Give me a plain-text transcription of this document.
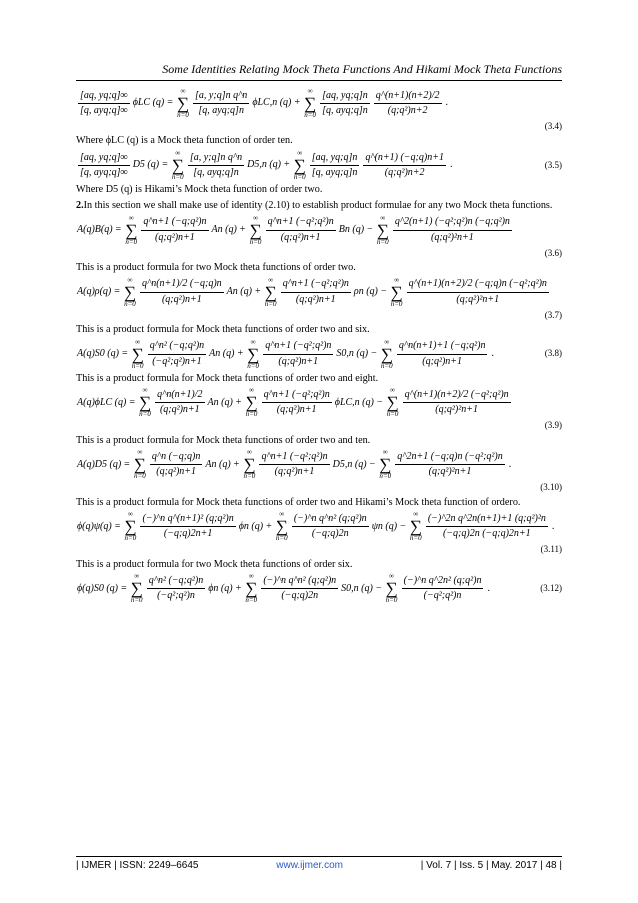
Some Identities Relating Mock Theta Functions And Hikami Mock Theta Functions
$\frac{[aq, yq;q]\infty}{\text{[q, ayq;q]∞}}$ ϕLC (q) =
∞
∑
$n=0 \frac{\text{[a, y;q]n q\textasciicircum{}n}}{\text{[q, ayq;q]n}} \phi LC,n$ (q) +
∞
∑
$n=0 \frac{[aq, yq;q]n}{\text{[q, ayq;q]n}} \frac{q\^{}(n+1)(n+2)/2}{\text{(q;q²)n+2}}$ .
(3.4)
Where ϕLC (q) is a Mock theta function of order ten.
$\frac{[aq, yq;q]\infty}{\text{[q, ayq;q]∞}} D5$ (q) =
∞
∑
$n=0 \frac{\text{[a, y;q]n q\textasciicircum{}n}}{\text{[q, ayq;q]n}} D5,n$ (q) +
∞
∑
$n=0 \frac{[aq, yq;q]n}{\text{[q, ayq;q]n}} \frac{q\^{}(n+1) (-q;q)n+1}{\text{(q;q²)n+2}}$ .	(3.5)
Where D5 (q) is Hikami’s Mock theta function of order two.
2.In this section we shall make use of identity (2.10) to establish product formulae for any two Mock theta functions.
A(q)B(q) =
∞
∑
$n=0 \frac{\text{q\textasciicircum{}n+1 (−q;q²)n}}{\text{(q;q²)n+1}}$ An (q) +
∞
∑
$n=0 \frac{\text{q\textasciicircum{}n+1 (−q²;q²)n}}{\text{(q;q²)n+1}}$ Bn (q) −
∞
∑
$n=0 \frac{\text{q\textasciicircum{}2(n+1) (−q²;q²)n (−q;q²)n}}{\text{(q;q²)²n+1}}$
(3.6)
This is a product formula for two Mock theta functions of order two.
A(q)ρ(q) =
∞
∑
$n=0 \frac{q\^{}n(n+1)/2 (-q;q)n}{\text{(q;q²)n+1}}$ An (q) +
∞
∑
$n=0 \frac{\text{q\textasciicircum{}n+1 (−q²;q²)n}}{\text{(q;q²)n+1}}$ ρn (q) −
∞
∑
$n=0 \frac{\text{q\textasciicircum{}(n+1)(n+2)/2 (−q;q)n (−q²;q²)n}}{\text{(q;q²)²n+1}}$
(3.7)
This is a product formula for Mock theta functions of order two and six.
A(q)S0 (q) =
∞
∑
$n=0 \frac{\text{q\textasciicircum{}n² (−q;q²)n}}{\text{(−q²;q²)n+1}}$ An (q) +
∞
∑
$n=0 \frac{\text{q\textasciicircum{}n+1 (−q²;q²)n}}{\text{(q;q²)n+1}} S0,n$ (q) −
∞
∑
$n=0 \frac{\text{q\textasciicircum{}n(n+1)+1 (−q;q²)n}}{\text{(q;q²)n+1}}$ .	(3.8)
This is a product formula for Mock theta functions of order two and eight.
A(q)ϕLC (q) =
∞
∑
$n=0 \frac{q\^{}n(n+1)/2}{\text{(q;q²)n+1}}$ An (q) +
∞
∑
$n=0 \frac{\text{q\textasciicircum{}n+1 (−q²;q²)n}}{\text{(q;q²)n+1}} \phi LC,n$ (q) −
∞
∑
$n=0 \frac{\text{q\textasciicircum{}(n+1)(n+2)/2 (−q²;q²)n}}{\text{(q;q²)²n+1}}$
(3.9)
This is a product formula for Mock theta functions of order two and ten.
A(q)D5 (q) =
∞
∑
$n=0 \frac{q\^{}n (-q;q)n}{\text{(q;q²)n+1}}$ An (q) +
∞
∑
$n=0 \frac{\text{q\textasciicircum{}n+1 (−q²;q²)n}}{\text{(q;q²)n+1}} D5,n$ (q) −
∞
∑
$n=0 \frac{\text{q\textasciicircum{}2n+1 (−q;q)n (−q²;q²)n}}{\text{(q;q²)²n+1}}$ .
(3.10)
This is a product formula for Mock theta functions of order two and Hikami’s Mock theta function of ordero.
ϕ(q)ψ(q) =
∞
∑
$n=0 \frac{\text{(−)\textasciicircum{}n q\textasciicircum{}(n+1)² (q;q²)n}}{(-q;q)2n+1}$ ϕn (q) +
∞
∑
$n=0 \frac{\text{(−)\textasciicircum{}n q\textasciicircum{}n² (q;q²)n}}{(-q;q)2n}$ ψn (q) −
∞
∑
$n=0 \frac{\text{(−)\textasciicircum{}2n q\textasciicircum{}2n(n+1)+1 (q;q²)²n}}{(-q;q)2n (-q;q)2n+1}$ .
(3.11)
This is a product formula for two Mock theta functions of order six.
ϕ(q)S0 (q) =
∞
∑
$n=0 \frac{\text{q\textasciicircum{}n² (−q;q²)n}}{\text{(−q²;q²)n}}$ ϕn (q) +
∞
∑
$n=0 \frac{\text{(−)\textasciicircum{}n q\textasciicircum{}n² (q;q²)n}}{(-q;q)2n} S0,n$ (q) −
∞
∑
$n=0 \frac{\text{(−)\textasciicircum{}n q\textasciicircum{}2n² (q;q²)n}}{\text{(−q²;q²)n}}$ .	(3.12)
| IJMER | ISSN: 2249–6645	www.ijmer.com	| Vol. 7 | Iss. 5 | May. 2017 | 48 |
